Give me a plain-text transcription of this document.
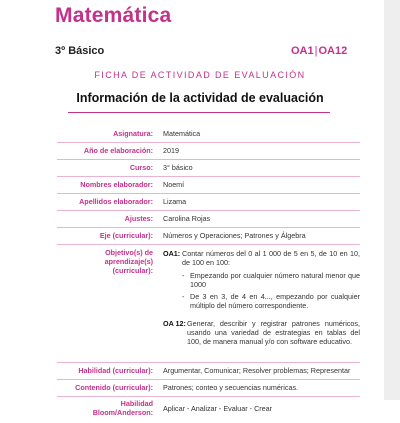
Matemática
3º Básico	OA1|OA12
FICHA DE ACTIVIDAD DE EVALUACIÓN
Información de la actividad de evaluación
Asignatura: Matemática
Año de elaboración: 2019
Curso: 3° básico
Nombres elaborador: Noemí
Apellidos elaborador: Lizama
Ajustes: Carolina Rojas
Eje (curricular): Números y Operaciones; Patrones y Álgebra
Objetivo(s) de
aprendizaje(s)
(curricular):
OA1: Contar números del 0 al 1 000 de 5 en 5, de 10 en 10, de 100 en 100:
- Empezando por cualquier número natural menor que 1000
- De 3 en 3, de 4 en 4..., empezando por cualquier múltiplo del número correspondiente.
OA 12: Generar, describir y registrar patrones numéricos, usando una variedad de estrategias en tablas del 100, de manera manual y/o con software educativo.
Habilidad (curricular): Argumentar, Comunicar; Resolver problemas; Representar
Contenido (curricular): Patrones; conteo y secuencias numéricas.
Habilidad
Bloom/Anderson: Aplicar - Analizar - Evaluar - Crear
